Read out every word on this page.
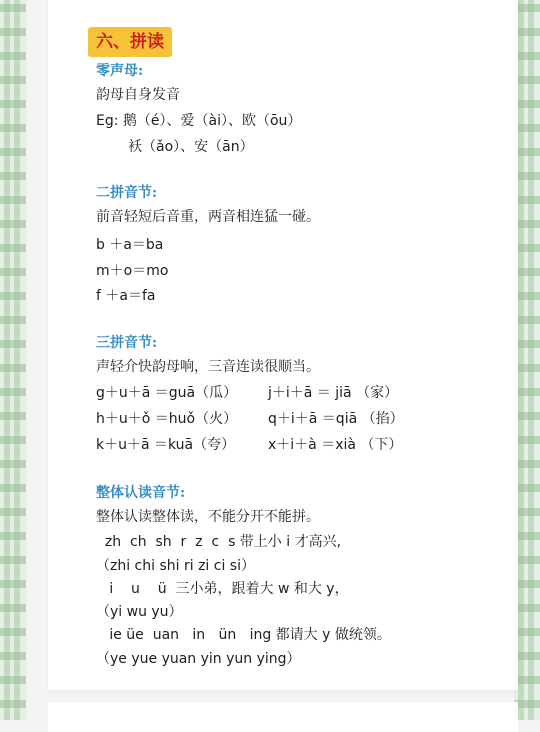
六、拼读
零声母:
韵母自身发音
Eg: 鹅（é）、爱（ài）、欧（ōu）
袄（ǎo）、安（ān）
二拼音节:
前音轻短后音重，两音相连猛一碰。
b ＋a＝ba
m＋o＝mo
f ＋a＝fa
三拼音节:
声轻介快韵母响，三音连读很顺当。
g＋u＋ā ＝guā（瓜） j＋i＋ā ＝ jiā （家）
h＋u＋ǒ ＝huǒ（火） q＋i＋ā ＝qiā （掐）
k＋u＋ā ＝kuā（夸） x＋i＋à ＝xià （下）
整体认读音节:
整体认读整体读，不能分开不能拼。
zh  ch  sh  r  z  c  s 带上小 i 才高兴,
（zhi chi shi ri zi ci si）
i    u    ü  三小弟，跟着大 w 和大 y，
（yi wu yu）
ie üe  uan   in   ün   ing 都请大 y 做统领。
（ye yue yuan yin yun ying）
